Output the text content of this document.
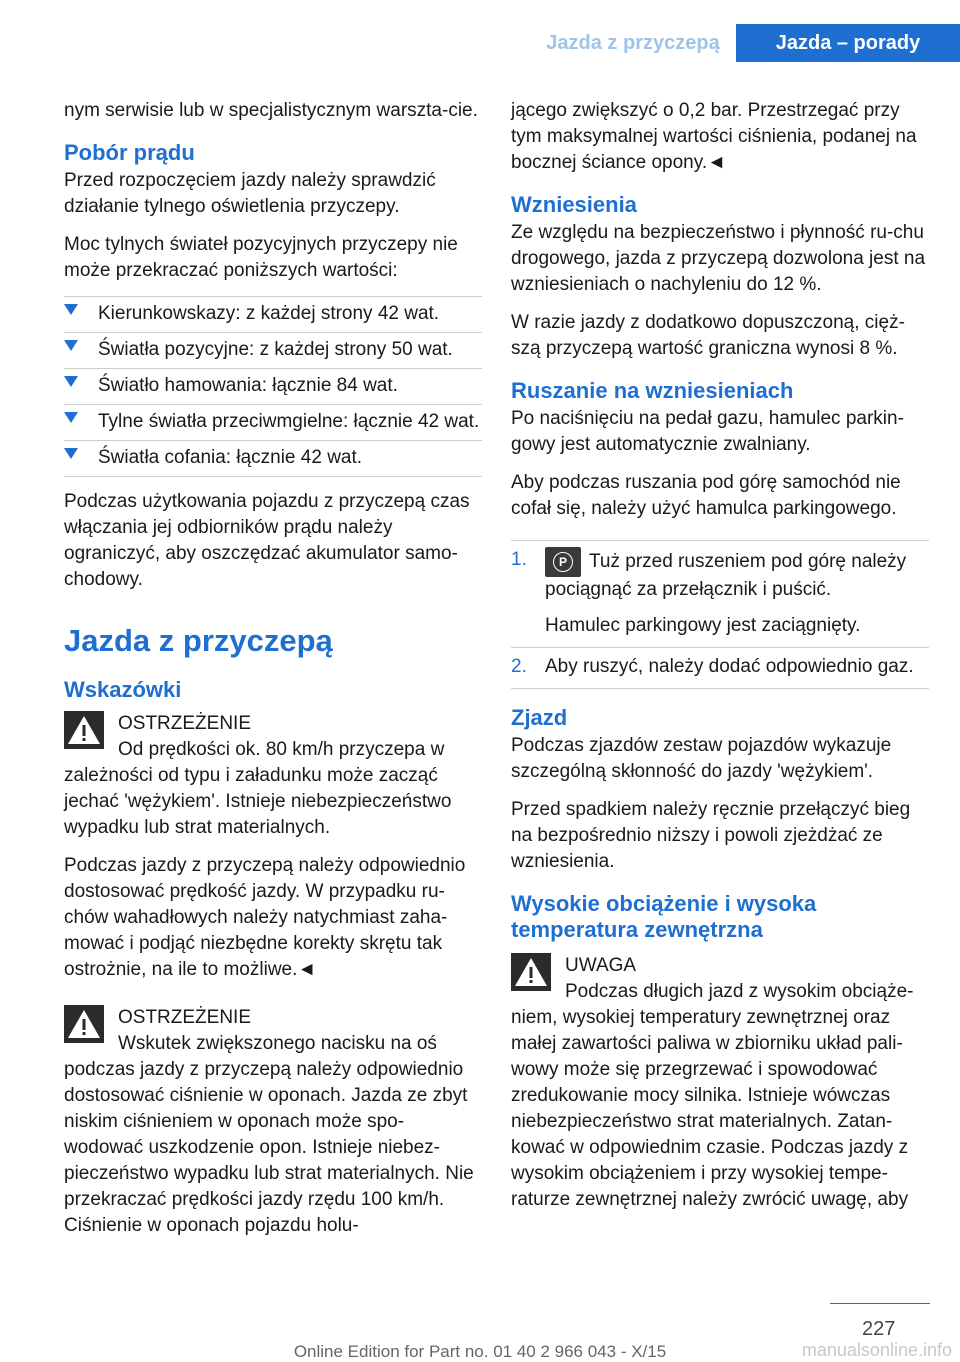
Jazda z przyczepą	Jazda – porady

nym serwisie lub w specjalistycznym warszta‐cie.

Pobór prądu

Przed rozpoczęciem jazdy należy sprawdzić działanie tylnego oświetlenia przyczepy.

Moc tylnych świateł pozycyjnych przyczepy nie może przekraczać poniższych wartości:

Kierunkowskazy: z każdej strony 42 wat.
Światła pozycyjne: z każdej strony 50 wat.
Światło hamowania: łącznie 84 wat.
Tylne światła przeciwmgielne: łącznie 42 wat.
Światła cofania: łącznie 42 wat.

Podczas użytkowania pojazdu z przyczepą czas włączania jej odbiorników prądu należy ograniczyć, aby oszczędzać akumulator samo‐chodowy.

Jazda z przyczepą
Wskazówki
OSTRZEŻENIE
Od prędkości ok. 80 km/h przyczepa w zależności od typu i załadunku może zacząć jechać 'wężykiem'. Istnieje niebezpieczeństwo wypadku lub strat materialnych.

Podczas jazdy z przyczepą należy odpowiednio dostosować prędkość jazdy. W przypadku ru‐chów wahadłowych należy natychmiast zaha‐mować i podjąć niezbędne korekty skrętu tak ostrożnie, na ile to możliwe.◄

OSTRZEŻENIE
Wskutek zwiększonego nacisku na oś podczas jazdy z przyczepą należy odpowiednio dostosować ciśnienie w oponach. Jazda ze zbyt niskim ciśnieniem w oponach może spo‐wodować uszkodzenie opon. Istnieje niebez‐pieczeństwo wypadku lub strat materialnych. Nie przekraczać prędkości jazdy rzędu 100 km/h. Ciśnienie w oponach pojazdu holu‐

jącego zwiększyć o 0,2 bar. Przestrzegać przy tym maksymalnej wartości ciśnienia, podanej na bocznej ściance opony.◄

Wzniesienia

Ze względu na bezpieczeństwo i płynność ru‐chu drogowego, jazda z przyczepą dozwolona jest na wzniesieniach o nachyleniu do 12 %.

W razie jazdy z dodatkowo dopuszczoną, cięż‐szą przyczepą wartość graniczna wynosi 8 %.

Ruszanie na wzniesieniach

Po naciśnięciu na pedał gazu, hamulec parkin‐gowy jest automatycznie zwalniany.

Aby podczas ruszania pod górę samochód nie cofał się, należy użyć hamulca parkingowego.

1.	P	Tuż przed ruszeniem pod górę należy pociągnąć za przełącznik i puścić.
Hamulec parkingowy jest zaciągnięty.
2. Aby ruszyć, należy dodać odpowiednio gaz.
Zjazd

Podczas zjazdów zestaw pojazdów wykazuje szczególną skłonność do jazdy 'wężykiem'.

Przed spadkiem należy ręcznie przełączyć bieg na bezpośrednio niższy i powoli zjeżdżać ze wzniesienia.

Wysokie obciążenie i wysoka temperatura zewnętrzna
UWAGA
Podczas długich jazd z wysokim obciąże‐niem, wysokiej temperatury zewnętrznej oraz małej zawartości paliwa w zbiorniku układ pali‐wowy może się przegrzewać i spowodować zredukowanie mocy silnika. Istnieje wówczas niebezpieczeństwo strat materialnych. Zatan‐kować w odpowiednim czasie. Podczas jazdy z wysokim obciążeniem i przy wysokiej tempe‐raturze zewnętrznej należy zwrócić uwagę, aby
227
Online Edition for Part no. 01 40 2 966 043 - X/15	manualsonline.info
